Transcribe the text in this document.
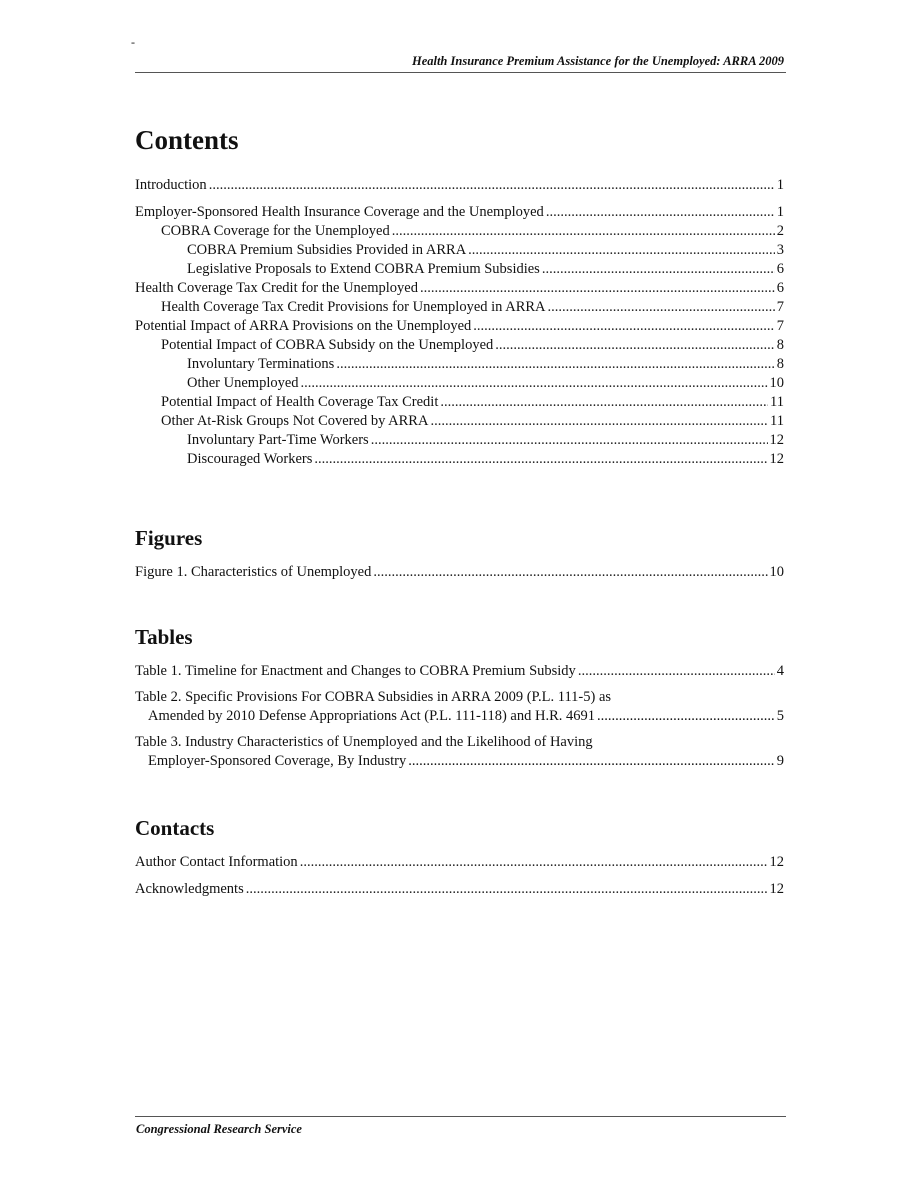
-
Health Insurance Premium Assistance for the Unemployed: ARRA 2009
Contents
Introduction .....	1
Employer-Sponsored Health Insurance Coverage and the Unemployed .....	1
COBRA Coverage for the Unemployed .....	2
COBRA Premium Subsidies Provided in ARRA .....	3
Legislative Proposals to Extend COBRA Premium Subsidies .....	6
Health Coverage Tax Credit for the Unemployed .....	6
Health Coverage Tax Credit Provisions for Unemployed in ARRA .....	7
Potential Impact of ARRA Provisions on the Unemployed .....	7
Potential Impact of COBRA Subsidy on the Unemployed .....	8
Involuntary Terminations .....	8
Other Unemployed .....	10
Potential Impact of Health Coverage Tax Credit .....	11
Other At-Risk Groups Not Covered by ARRA .....	11
Involuntary Part-Time Workers .....	12
Discouraged Workers .....	12
Figures
Figure 1. Characteristics of Unemployed .....	10
Tables
Table 1. Timeline for Enactment and Changes to COBRA Premium Subsidy .....	4
Table 2. Specific Provisions For COBRA Subsidies in ARRA 2009 (P.L. 111-5) as
Amended by 2010 Defense Appropriations Act (P.L. 111-118) and H.R. 4691 .....	5
Table 3. Industry Characteristics of Unemployed and the Likelihood of Having
Employer-Sponsored Coverage, By Industry .....	9
Contacts
Author Contact Information .....	12
Acknowledgments .....	12
Congressional Research Service
